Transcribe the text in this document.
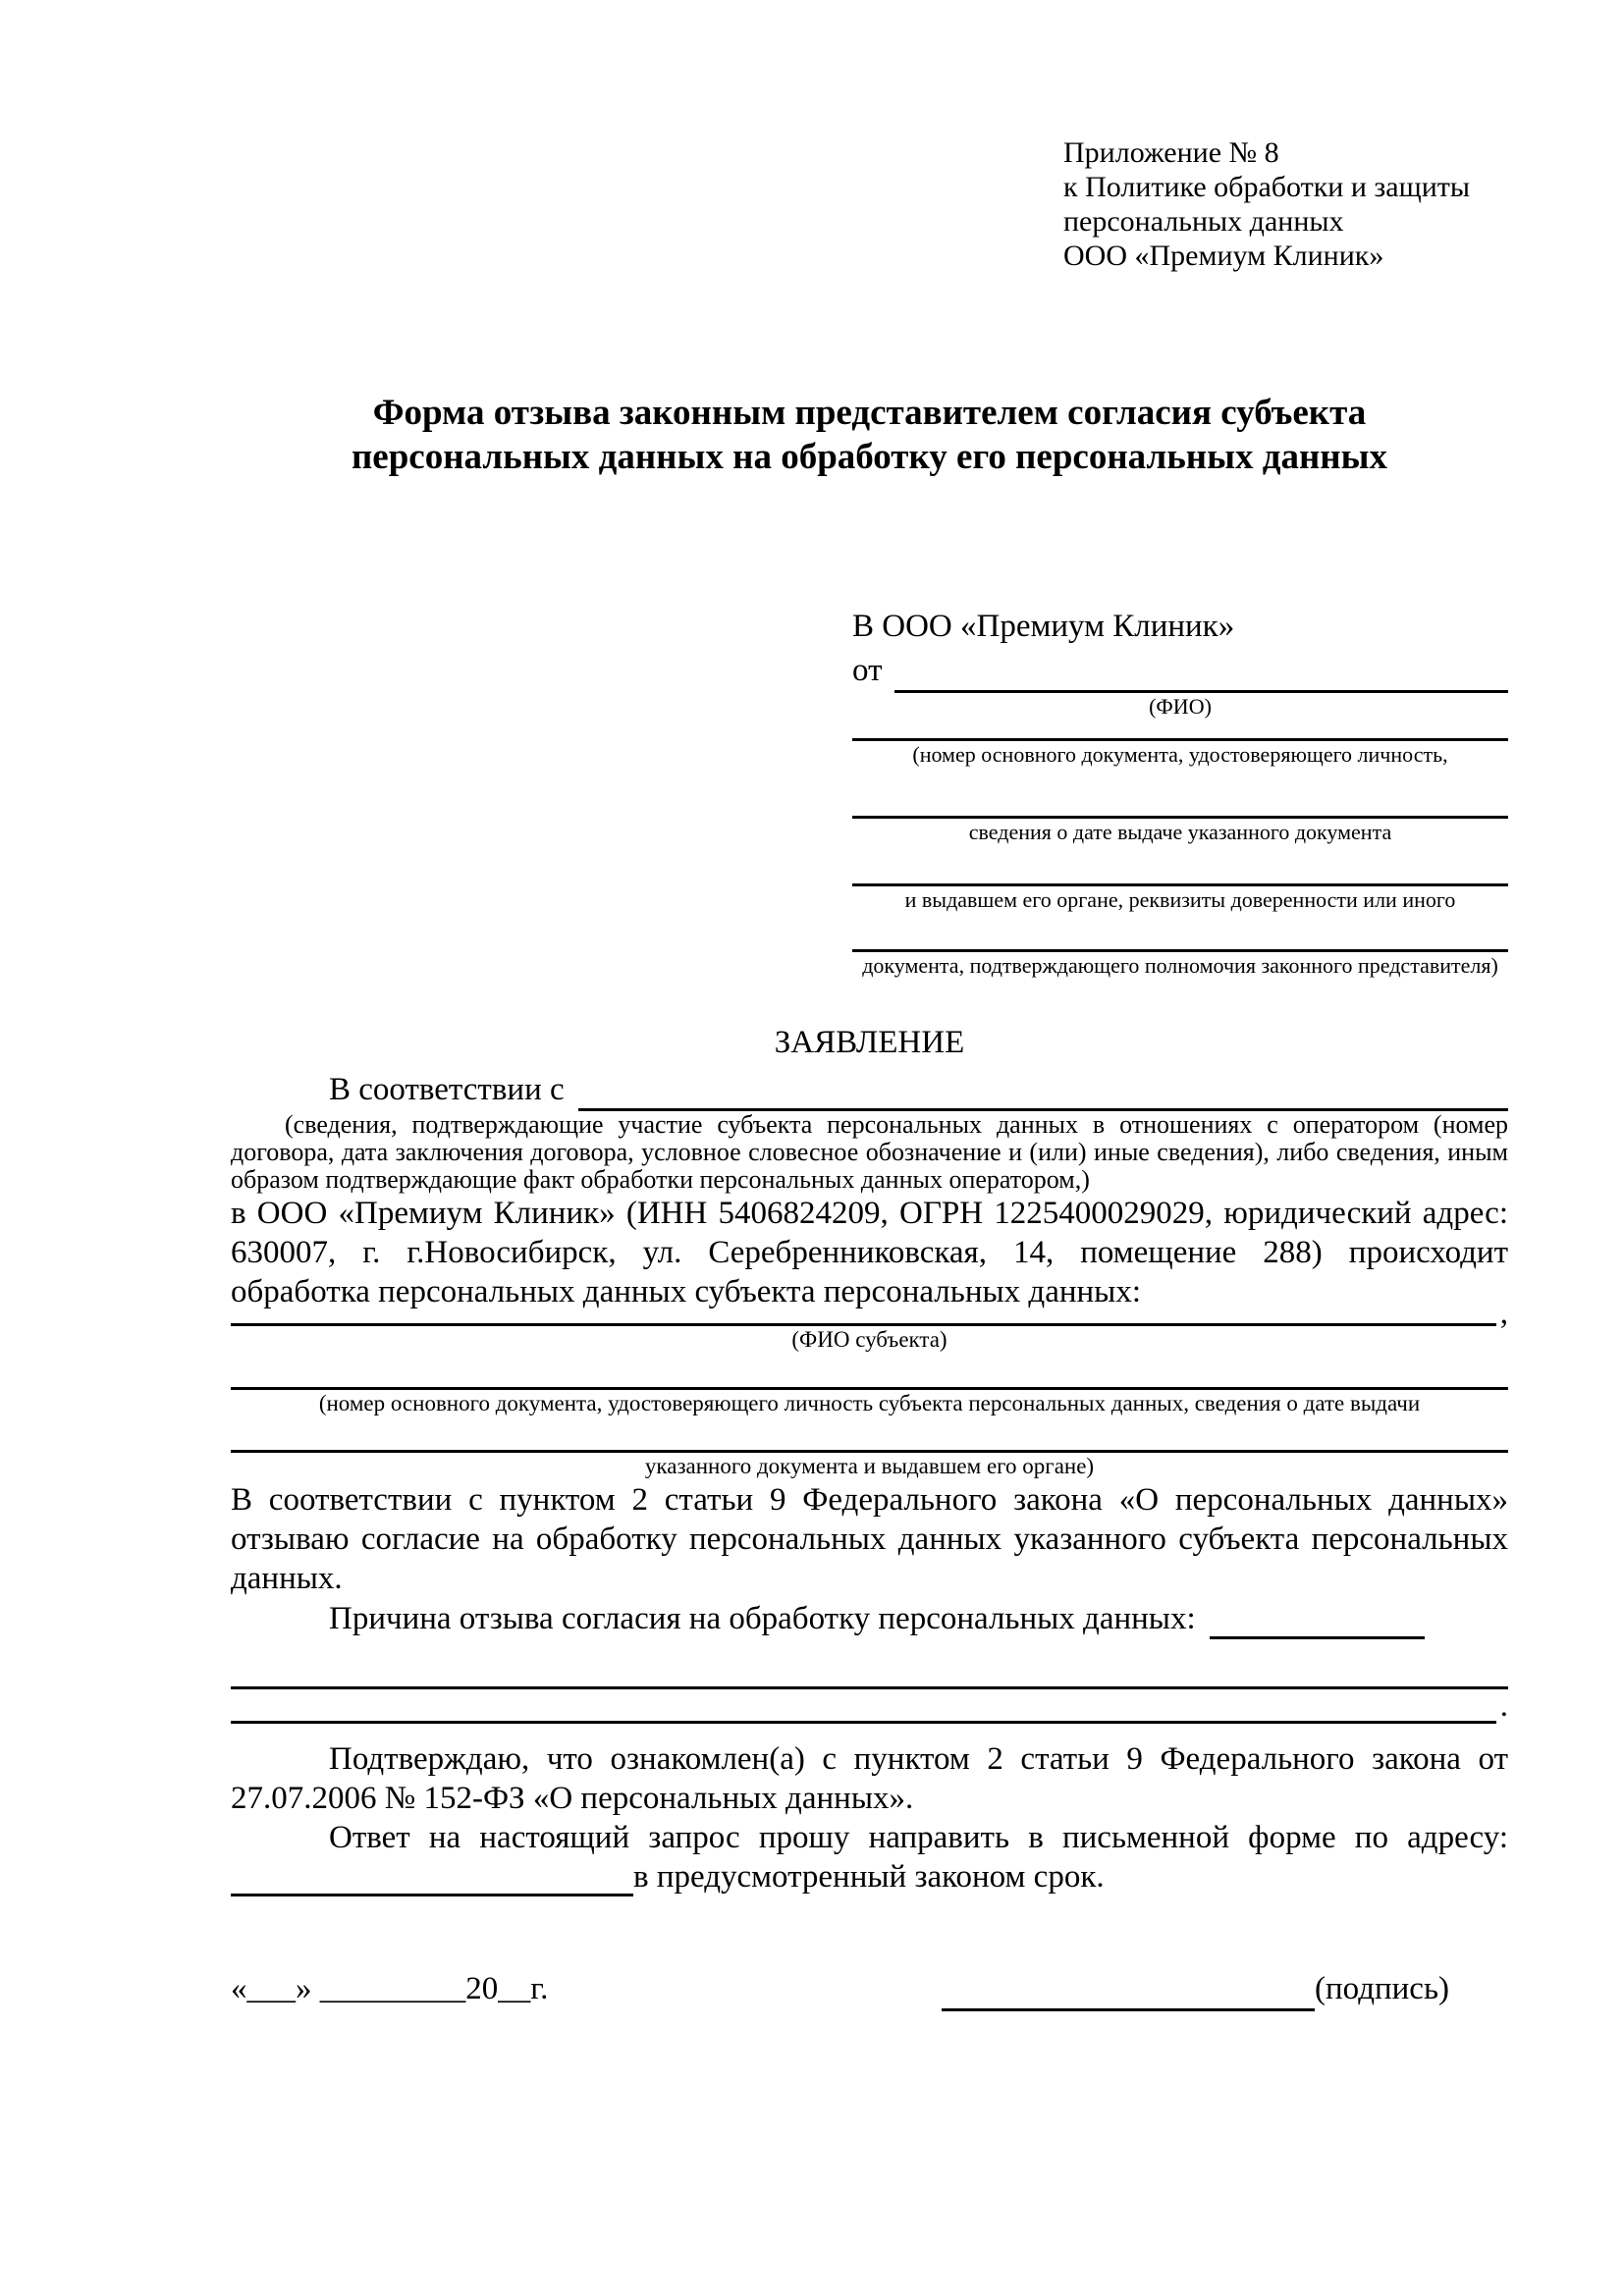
Приложение № 8
к Политике обработки и защиты
персональных данных
ООО «Премиум Клиник»
Форма отзыва законным представителем согласия субъекта персональных данных на обработку его персональных данных
В ООО «Премиум Клиник»
от
(ФИО)
(номер основного документа, удостоверяющего личность,
сведения о дате выдаче указанного документа
и выдавшем его органе, реквизиты доверенности или иного
документа, подтверждающего полномочия законного представителя)
ЗАЯВЛЕНИЕ
В соответствии с
(сведения, подтверждающие участие субъекта персональных данных в отношениях с оператором (номер договора, дата заключения договора, условное словесное обозначение и (или) иные сведения), либо сведения, иным образом подтверждающие факт обработки персональных данных оператором,)
в ООО «Премиум Клиник» (ИНН 5406824209, ОГРН 1225400029029, юридический адрес: 630007, г. г.Новосибирск, ул. Серебренниковская, 14, помещение 288) происходит обработка персональных данных субъекта персональных данных:
,
(ФИО субъекта)
(номер основного документа, удостоверяющего личность субъекта персональных данных, сведения о дате выдачи
указанного документа и выдавшем его органе)
В соответствии с пунктом 2 статьи 9 Федерального закона «О персональных данных» отзываю согласие на обработку персональных данных указанного субъекта персональных данных.
Причина отзыва согласия на обработку персональных данных:
.
Подтверждаю, что ознакомлен(а) с пунктом 2 статьи 9 Федерального закона от 27.07.2006 № 152-ФЗ «О персональных данных».
Ответ на настоящий запрос прошу направить в письменной форме по адресу:
в предусмотренный законом срок.
«___» _________20__г.	(подпись)
